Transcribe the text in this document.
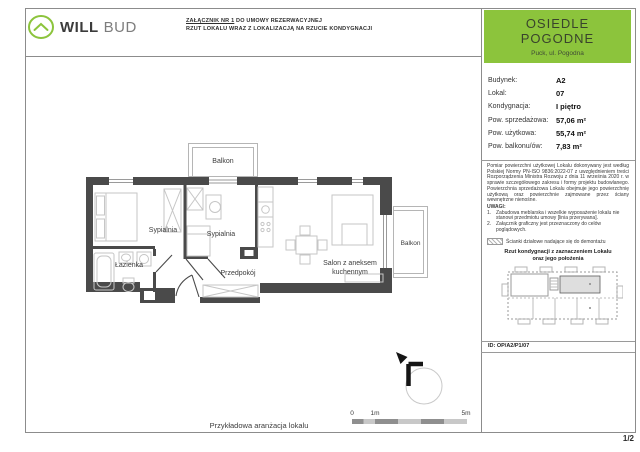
WILL BUD	ZAŁĄCZNIK NR 1 DO UMOWY REZERWACYJNEJ
RZUT LOKALU WRAZ Z LOKALIZACJĄ NA RZUCIE KONDYGNACJI
Balkon
Sypialnia
Sypialnia
Łazienka
Przedpokój
Salon z aneksem
kuchennym
Balkon
0	1m	5m
Przykładowa aranżacja lokalu
OSIEDLE
POGODNE
Puck, ul. Pogodna
Budynek:	A2
Lokal:	07
Kondygnacja:	I piętro
Pow. sprzedażowa:	57,06 m²
Pow. użytkowa:	55,74 m²
Pow. balkonu/ów:	7,83 m²
Pomiar powierzchni użytkowej Lokalu dokonywany jest według Polskiej Normy PN-ISO 9836:2022-07 z uwzględnieniem treści Rozporządzenia Ministra Rozwoju z dnia 11 września 2020 r. w sprawie szczegółowego zakresu i formy projektu budowlanego. Powierzchnia sprzedażowa Lokalu obejmuje jego powierzchnię użytkową oraz powierzchnie zajmowane przez ściany wewnętrzne nienośne.
UWAGI:
1. Zabudowa meblarska i wszelkie wyposażenie lokalu nie stanowi przedmiotu umowy [linia przerywana].
2. Załącznik graficzny jest przeznaczony do celów poglądowych.
Ścianki działowe nadające się do demontażu
Rzut kondygnacji z zaznaczeniem Lokalu
oraz jego położenia
ID: OP/A2/P1/07
1/2
